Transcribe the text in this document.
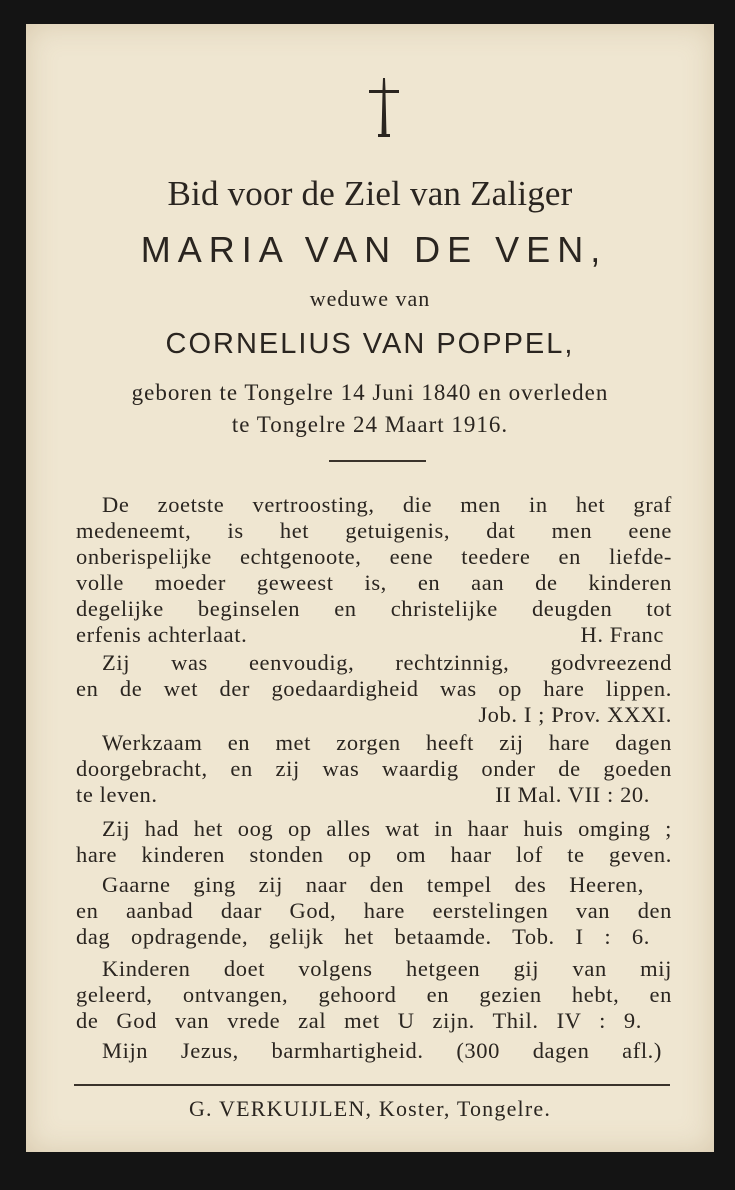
Bid voor de Ziel van Zaliger
MARIA VAN DE VEN,
weduwe van
CORNELIUS VAN POPPEL,
geboren te Tongelre 14 Juni 1840 en overleden
te Tongelre 24 Maart 1916.
De zoetste vertroosting, die men in het graf
medeneemt, is het getuigenis, dat men eene
onberispelijke echtgenoote, eene teedere en liefde-
volle moeder geweest is, en aan de kinderen
degelijke beginselen en christelijke deugden tot
erfenis achterlaat.	H. Franc
Zij was eenvoudig, rechtzinnig, godvreezend
en de wet der goedaardigheid was op hare lippen.
Job. I ; Prov. XXXI.
Werkzaam en met zorgen heeft zij hare dagen
doorgebracht, en zij was waardig onder de goeden
te leven.	II Mal. VII : 20.
Zij had het oog op alles wat in haar huis omging ;
hare kinderen stonden op om haar lof te geven.
Gaarne ging zij naar den tempel des Heeren,
en aanbad daar God, hare eerstelingen van den
dag opdragende, gelijk het betaamde. Tob. I : 6.
Kinderen doet volgens hetgeen gij van mij
geleerd, ontvangen, gehoord en gezien hebt, en
de God van vrede zal met U zijn. Thil. IV : 9.
Mijn Jezus, barmhartigheid. (300 dagen afl.)
G. VERKUIJLEN, Koster, Tongelre.
